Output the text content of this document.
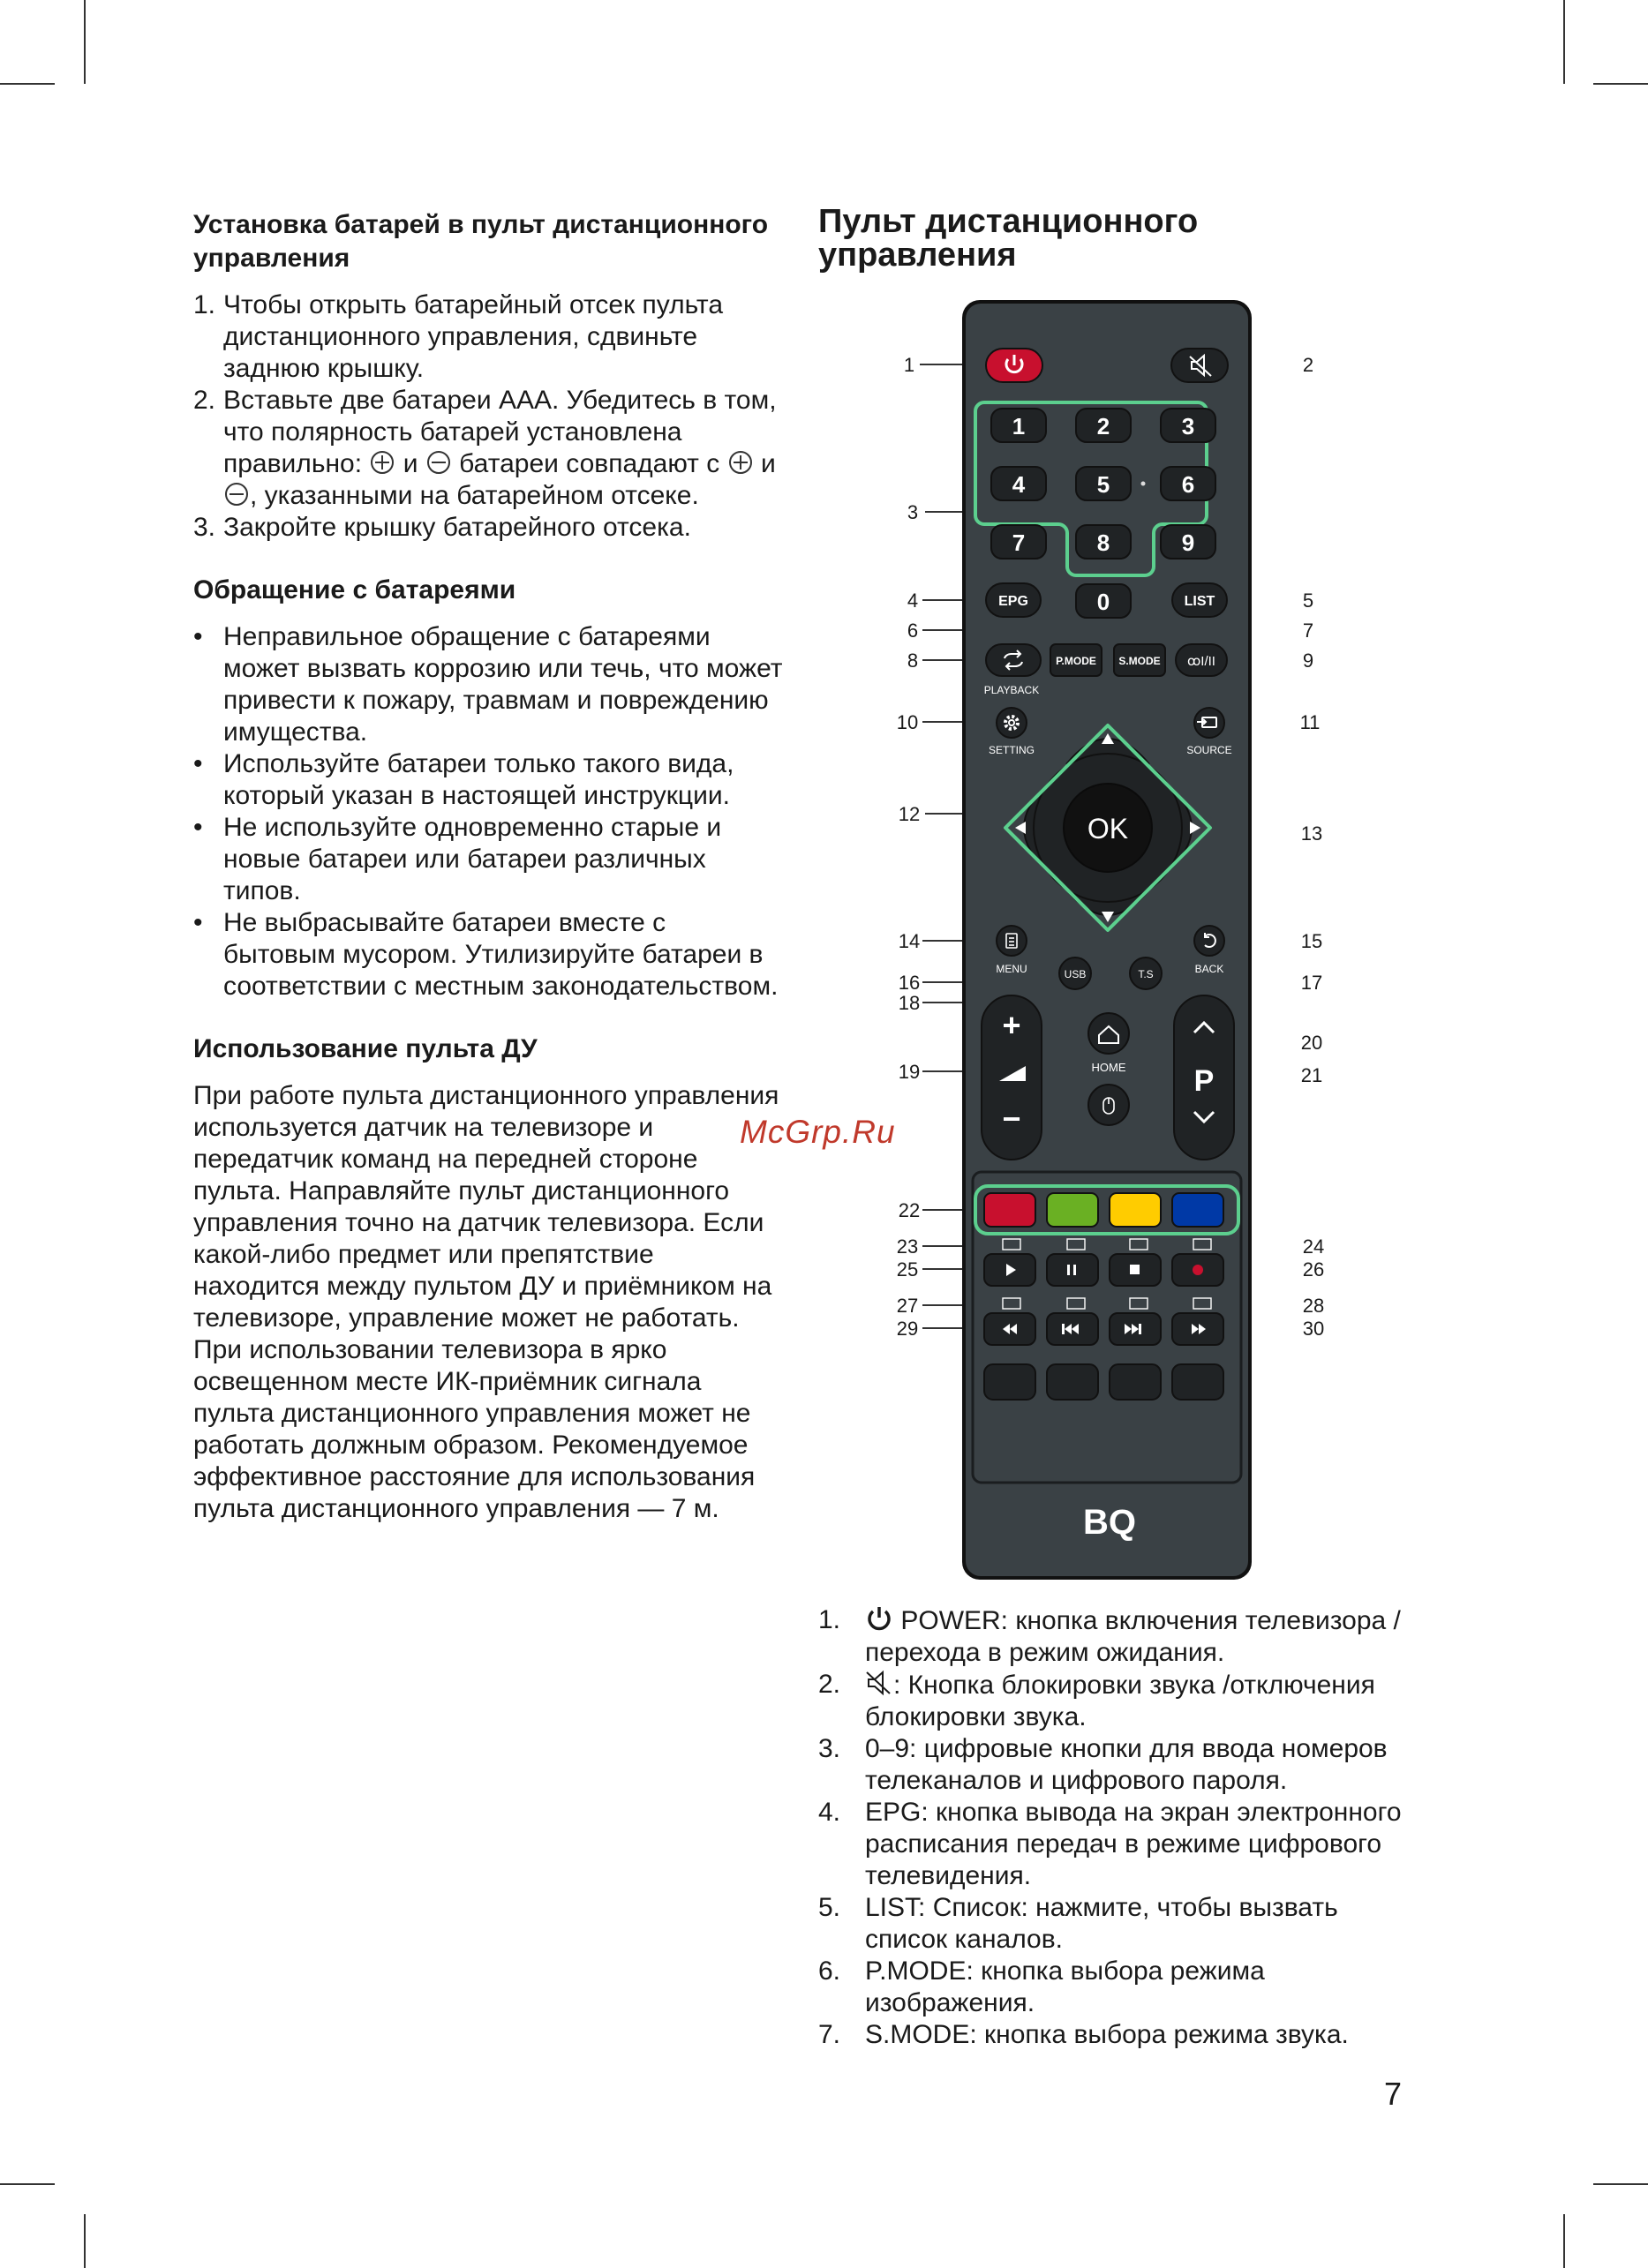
Установка батарей в пульт дистанционного управления
1. Чтобы открыть батарейный отсек пульта дистанционного управления, сдвиньте заднюю крышку.
2. Вставьте две батареи AAA. Убедитесь в том, что полярность батарей установлена правильно: и батареи совпадают с и , указанными на батарейном отсеке.
3. Закройте крышку батарейного отсека.
Обращение с батареями
• Неправильное обращение с батареями может вызвать коррозию или течь, что может привести к пожару, травмам и повреждению имущества.
• Используйте батареи только такого вида, который указан в настоящей инструкции.
• Не используйте одновременно старые и новые батареи или батареи различных типов.
• Не выбрасывайте батареи вместе с бытовым мусором. Утилизируйте батареи в соответствии с местным законодательством.
Использование пульта ДУ

При работе пульта дистанционного управления используется датчик на телевизоре и передатчик команд на передней стороне пульта. Направляйте пульт дистанционного управления точно на датчик телевизора. Если какой-либо предмет или препятствие находится между пультом ДУ и приёмником на телевизоре, управление может не работать.

При использовании телевизора в ярко освещенном месте ИК-приёмник сигнала пульта дистанционного управления может не работать должным образом. Рекомендуемое эффективное расстояние для использования пульта дистанционного управления — 7 м.

Пульт дистанционного управления
McGrp.Ru
1	2
3
4	5
6	7
8	9
10	11
12
13
14	15
16	17
18
19
20
21
22
23	24
25	26
27	28
29	30
1	2	3
4	5	6
7	8	9
0
EPG	LIST
PLAYBACK
P.MODE S.MODE ꝏI/II
SETTING	SOURCE
OK
MENU	BACK
USB	T.S
+
−
HOME P
BQ
1. POWER: кнопка включения телевизора / перехода в режим ожидания.
2. : Кнопка блокировки звука /отключения блокировки звука.
3. 0–9: цифровые кнопки для ввода номеров телеканалов и цифрового пароля.
4. EPG: кнопка вывода на экран электронного расписания передач в режиме цифрового телевидения.
5. LIST: Список: нажмите, чтобы вызвать список каналов.
6. P.MODE: кнопка выбора режима изображения.
7. S.MODE: кнопка выбора режима звука.
7
